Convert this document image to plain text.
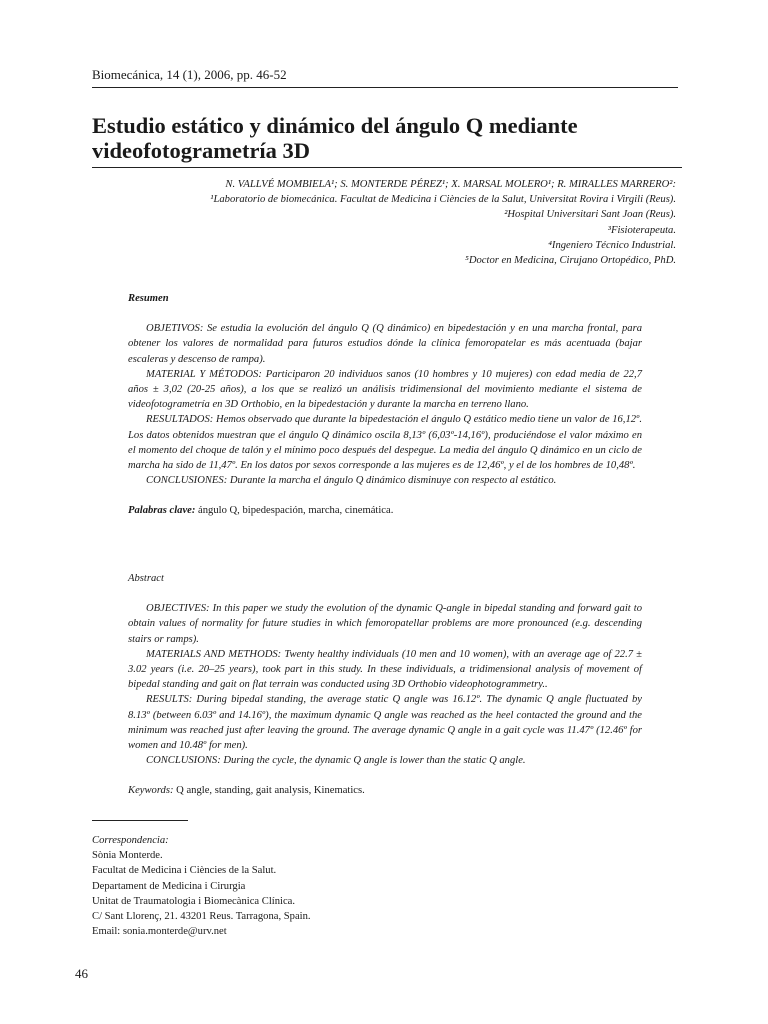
Biomecánica, 14 (1), 2006, pp. 46-52
Estudio estático y dinámico del ángulo Q mediante videofotogrametría 3D
N. VALLVÉ MOMBIELA¹; S. MONTERDE PÉREZ¹; X. MARSAL MOLERO¹; R. MIRALLES MARRERO²:
¹Laboratorio de biomecánica. Facultat de Medicina i Ciències de la Salut, Universitat Rovira i Virgili (Reus).
²Hospital Universitari Sant Joan (Reus).
³Fisioterapeuta.
⁴Ingeniero Técnico Industrial.
⁵Doctor en Medicina, Cirujano Ortopédico, PhD.
Resumen

OBJETIVOS: Se estudia la evolución del ángulo Q (Q dinámico) en bipedestación y en una marcha frontal, para obtener los valores de normalidad para futuros estudios dónde la clínica femoropatelar es más acentuada (bajar escaleras y descenso de rampa).

MATERIAL Y MÉTODOS: Participaron 20 individuos sanos (10 hombres y 10 mujeres) con edad media de 22,7 años ± 3,02 (20-25 años), a los que se realizó un análisis tridimensional del movimiento mediante el sistema de videofotogrametría en 3D Orthobio, en la bipedestación y durante la marcha en terreno llano.

RESULTADOS: Hemos observado que durante la bipedestación el ángulo Q estático medio tiene un valor de 16,12º. Los datos obtenidos muestran que el ángulo Q dinámico oscila 8,13º (6,03º-14,16º), produciéndose el valor máximo en el momento del choque de talón y el mínimo poco después del despegue. La media del ángulo Q dinámico en un ciclo de marcha ha sido de 11,47º. En los datos por sexos corresponde a las mujeres es de 12,46º, y el de los hombres de 10,48º.

CONCLUSIONES: Durante la marcha el ángulo Q dinámico disminuye con respecto al estático.

Palabras clave: ángulo Q, bipedespación, marcha, cinemática.
Abstract

OBJECTIVES: In this paper we study the evolution of the dynamic Q-angle in bipedal standing and forward gait to obtain values of normality for future studies in which femoropatellar problems are more pronounced (e.g. descending stairs or ramps).

MATERIALS AND METHODS: Twenty healthy individuals (10 men and 10 women), with an average age of 22.7 ± 3.02 years (i.e. 20–25 years), took part in this study. In these individuals, a tridimensional analysis of movement of bipedal standing and gait on flat terrain was conducted using 3D Orthobio videophotogrammetry..

RESULTS: During bipedal standing, the average static Q angle was 16.12º. The dynamic Q angle fluctuated by 8.13º (between 6.03º and 14.16º), the maximum dynamic Q angle was reached as the heel contacted the ground and the minimum was reached just after leaving the ground. The average dynamic Q angle in a gait cycle was 11.47º (12.46º for women and 10.48º for men).

CONCLUSIONS: During the cycle, the dynamic Q angle is lower than the static Q angle.

Keywords: Q angle, standing, gait analysis, Kinematics.
Correspondencia:
Sònia Monterde.
Facultat de Medicina i Ciències de la Salut.
Departament de Medicina i Cirurgia
Unitat de Traumatologia i Biomecànica Clínica.
C/ Sant Llorenç, 21. 43201 Reus. Tarragona, Spain.
Email: sonia.monterde@urv.net
46
